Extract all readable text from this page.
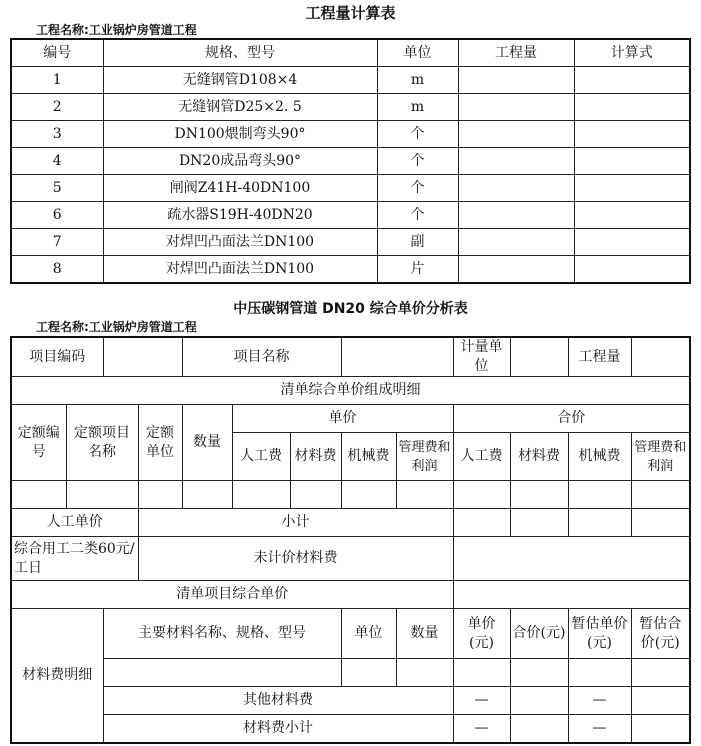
工程量计算表
工程名称:工业锅炉房管道工程
编号	规格、型号	单位	工程量	计算式
1	无缝钢管D108×4	m		
2	无缝钢管D25×2. 5	m		
3	DN100煨制弯头90°	个		
4	DN20成品弯头90°	个		
5	闸阀Z41H-40DN100	个		
6	疏水器S19H-40DN20	个		
7	对焊凹凸面法兰DN100	副		
8	对焊凹凸面法兰DN100	片		
中压碳钢管道 DN20 综合单价分析表
工程名称:工业锅炉房管道工程
项目编码				项目名称					计量单位		工程量	
清单综合单价组成明细												
定额编号	定额项目名称		定额单位	数量	单价				合价			
					人工费	材料费	机械费	管理费和利润	人工费	材料费	机械费	管理费和利润

人工单价			小计									
综合用工二类60元/工日			未计价材料费									
清单项目综合单价												
材料费明细		主要材料名称、规格、型号					单位	数量	单价(元)	合价(元)	暂估单价(元)	暂估合价(元)

		其他材料费							—		—	
		材料费小计							—		—	
